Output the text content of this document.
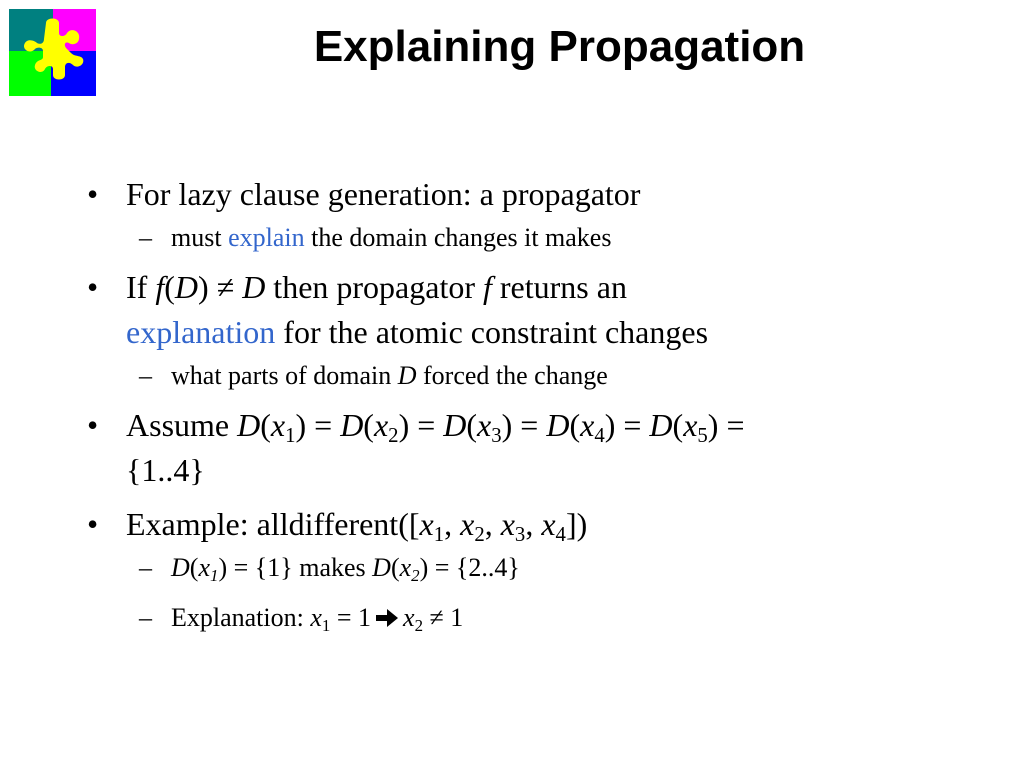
Explaining Propagation

• For lazy clause generation: a propagator

– must explain the domain changes it makes

• If f(D) ≠ D then propagator f returns an
explanation for the atomic constraint changes

– what parts of domain D forced the change

• Assume $D(x_1) = D(x_2) = D(x_3) = D(x_4) = D(x_5)$ =
{1..4}

• Example: $alldifferent([x_1$, $x_2$, $x_3$, $x_4$])

– $D(x_1) = \{1\}$ makes $D(x_2) = \{2..4\}$

– Explanation: $x_1 = 1$ $x_2 \ne 1$
